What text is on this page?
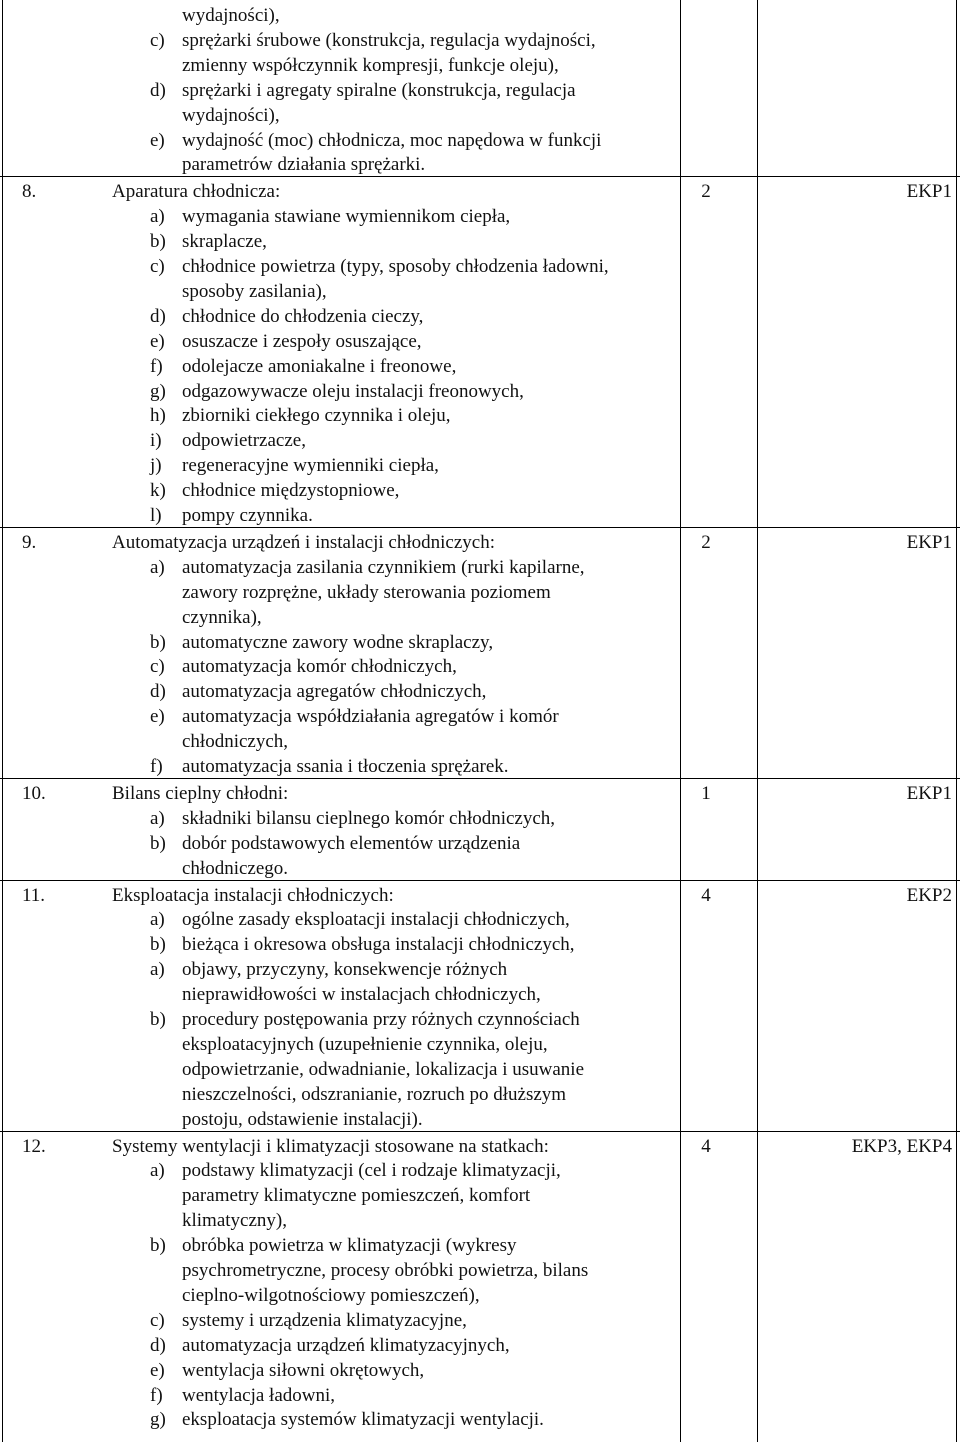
wydajności),
c) sprężarki śrubowe (konstrukcja, regulacja wydajności,
zmienny współczynnik kompresji, funkcje oleju),
d) sprężarki i agregaty spiralne (konstrukcja, regulacja
wydajności),
e) wydajność (moc) chłodnicza, moc napędowa w funkcji
parametrów działania sprężarki.
8.	Aparatura chłodnicza:	2	EKP1
a) wymagania stawiane wymiennikom ciepła,
b) skraplacze,
c) chłodnice powietrza (typy, sposoby chłodzenia ładowni,
sposoby zasilania),
d) chłodnice do chłodzenia cieczy,
e) osuszacze i zespoły osuszające,
f) odolejacze amoniakalne i freonowe,
g) odgazowywacze oleju instalacji freonowych,
h) zbiorniki ciekłego czynnika i oleju,
i) odpowietrzacze,
j) regeneracyjne wymienniki ciepła,
k) chłodnice międzystopniowe,
l) pompy czynnika.
9.	Automatyzacja urządzeń i instalacji chłodniczych:	2	EKP1
a) automatyzacja zasilania czynnikiem (rurki kapilarne,
zawory rozprężne, układy sterowania poziomem
czynnika),
b) automatyczne zawory wodne skraplaczy,
c) automatyzacja komór chłodniczych,
d) automatyzacja agregatów chłodniczych,
e) automatyzacja współdziałania agregatów i komór
chłodniczych,
f) automatyzacja ssania i tłoczenia sprężarek.
10.	Bilans cieplny chłodni:	1	EKP1
a) składniki bilansu cieplnego komór chłodniczych,
b) dobór podstawowych elementów urządzenia
chłodniczego.
11.	Eksploatacja instalacji chłodniczych:	4	EKP2
a) ogólne zasady eksploatacji instalacji chłodniczych,
b) bieżąca i okresowa obsługa instalacji chłodniczych,
a) objawy, przyczyny, konsekwencje różnych
nieprawidłowości w instalacjach chłodniczych,
b) procedury postępowania przy różnych czynnościach
eksploatacyjnych (uzupełnienie czynnika, oleju,
odpowietrzanie, odwadnianie, lokalizacja i usuwanie
nieszczelności, odszranianie, rozruch po dłuższym
postoju, odstawienie instalacji).
12.	Systemy wentylacji i klimatyzacji stosowane na statkach:	4	EKP3, EKP4
a) podstawy klimatyzacji (cel i rodzaje klimatyzacji,
parametry klimatyczne pomieszczeń, komfort
klimatyczny),
b) obróbka powietrza w klimatyzacji (wykresy
psychrometryczne, procesy obróbki powietrza, bilans
cieplno-wilgotnościowy pomieszczeń),
c) systemy i urządzenia klimatyzacyjne,
d) automatyzacja urządzeń klimatyzacyjnych,
e) wentylacja siłowni okrętowych,
f) wentylacja ładowni,
g) eksploatacja systemów klimatyzacji wentylacji.
